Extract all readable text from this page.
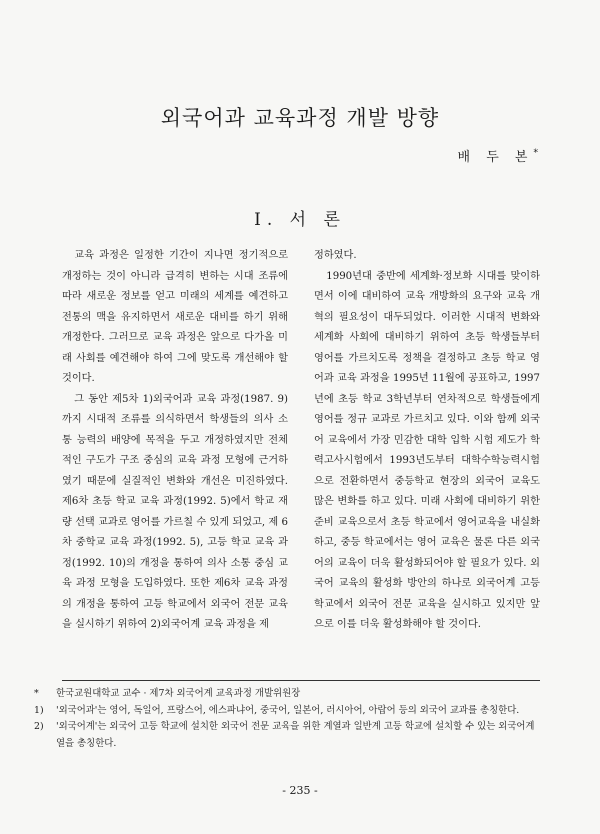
외국어과 교육과정 개발 방향
배 두 본*
I. 서 론

교육 과정은 일정한 기간이 지나면 정기적으로 개정하는 것이 아니라 급격히 변하는 시대 조류에 따라 새로운 정보를 얻고 미래의 세계를 예견하고 전통의 맥을 유지하면서 새로운 대비를 하기 위해 개정한다. 그러므로 교육 과정은 앞으로 다가올 미래 사회를 예견해야 하여 그에 맞도록 개선해야 할 것이다.

그 동안 제5차 1)외국어과 교육 과정(1987. 9)까지 시대적 조류를 의식하면서 학생들의 의사 소통 능력의 배양에 목적을 두고 개정하였지만 전체적인 구도가 구조 중심의 교육 과정 모형에 근거하였기 때문에 실질적인 변화와 개선은 미진하였다. 제6차 초등 학교 교육 과정(1992. 5)에서 학교 재량 선택 교과로 영어를 가르칠 수 있게 되었고, 제 6차 중학교 교육 과정(1992. 5), 고등 학교 교육 과정(1992. 10)의 개정을 통하여 의사 소통 중심 교육 과정 모형을 도입하였다. 또한 제6차 교육 과정의 개정을 통하여 고등 학교에서 외국어 전문 교육을 실시하기 위하여 2)외국어계 교육 과정을 제

정하였다.

1990년대 중반에 세계화·정보화 시대를 맞이하면서 이에 대비하여 교육 개방화의 요구와 교육 개혁의 필요성이 대두되었다. 이러한 시대적 변화와 세계화 사회에 대비하기 위하여 초등 학생들부터 영어를 가르치도록 정책을 결정하고 초등 학교 영어과 교육 과정을 1995년 11월에 공표하고, 1997년에 초등 학교 3학년부터 연차적으로 학생들에게 영어를 정규 교과로 가르치고 있다. 이와 함께 외국어 교육에서 가장 민감한 대학 입학 시험 제도가 학력고사시험에서 1993년도부터 대학수학능력시험으로 전환하면서 중등학교 현장의 외국어 교육도 많은 변화를 하고 있다. 미래 사회에 대비하기 위한 준비 교육으로서 초등 학교에서 영어교육을 내실화하고, 중등 학교에서는 영어 교육은 물론 다른 외국어의 교육이 더욱 활성화되어야 할 필요가 있다. 외국어 교육의 활성화 방안의 하나로 외국어계 고등 학교에서 외국어 전문 교육을 실시하고 있지만 앞으로 이를 더욱 활성화해야 할 것이다.

*	한국교원대학교 교수 · 제7차 외국어계 교육과정 개발위원장
1)	'외국어과'는 영어, 독일어, 프랑스어, 에스파냐어, 중국어, 일본어, 러시아어, 아랍어 등의 외국어 교과를 총칭한다.
2)	'외국어계'는 외국어 고등 학교에 설치한 외국어 전문 교육을 위한 계열과 일반계 고등 학교에 설치할 수 있는 외국어계열을 총칭한다.
- 235 -
